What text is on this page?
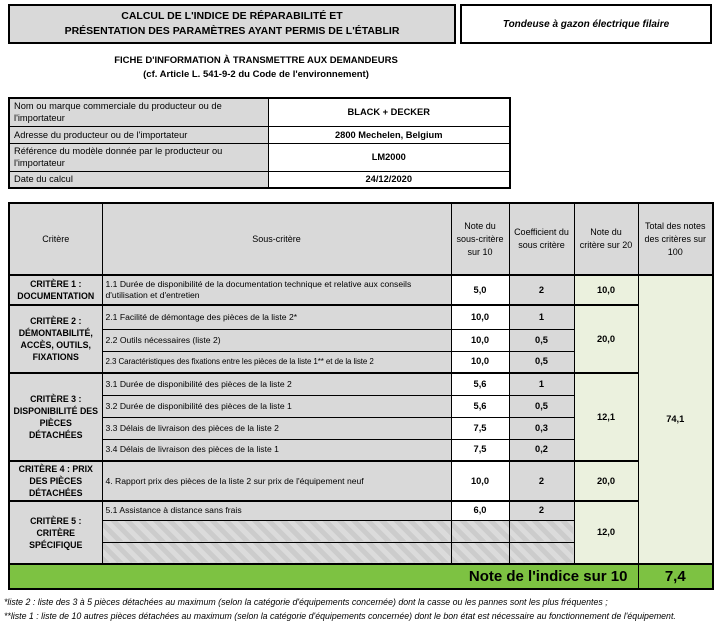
CALCUL DE L'INDICE DE RÉPARABILITÉ ET
PRÉSENTATION DES PARAMÈTRES AYANT PERMIS DE L'ÉTABLIR
Tondeuse à gazon électrique filaire
FICHE D'INFORMATION À TRANSMETTRE AUX DEMANDEURS
(cf. Article L. 541-9-2 du Code de l'environnement)
Nom ou marque commerciale du producteur ou de l'importateur	BLACK + DECKER
Adresse du producteur ou de l'importateur	2800 Mechelen, Belgium
Référence du modèle donnée par le producteur ou l'importateur	LM2000
Date du calcul	24/12/2020
Critère	Sous-critère	Note du sous-critère sur 10	Coefficient du sous critère	Note du critère sur 20	Total des notes des critères sur 100
CRITÈRE 1 : DOCUMENTATION	1.1 Durée de disponibilité de la documentation technique et relative aux conseils d'utilisation et d'entretien	5,0	2	10,0	74,1
CRITÈRE 2 : DÉMONTABILITÉ, ACCÈS, OUTILS, FIXATIONS	2.1 Facilité de démontage des pièces de la liste 2*	10,0	1	20,0	
	2.2 Outils nécessaires (liste 2)	10,0	0,5		
	2.3 Caractéristiques des fixations entre les pièces de la liste 1** et de la liste 2	10,0	0,5		
CRITÈRE 3 : DISPONIBILITÉ DES PIÈCES DÉTACHÉES	3.1 Durée de disponibilité des pièces de la liste 2	5,6	1	12,1	
	3.2 Durée de disponibilité des pièces de la liste 1	5,6	0,5		
	3.3 Délais de livraison des pièces de la liste 2	7,5	0,3		
	3.4 Délais de livraison des pièces de la liste 1	7,5	0,2		
CRITÈRE 4 : PRIX DES PIÈCES DÉTACHÉES	4. Rapport prix des pièces de la liste 2 sur prix de l'équipement neuf	10,0	2	20,0	
CRITÈRE 5 : CRITÈRE SPÉCIFIQUE	5.1 Assistance à distance sans frais	6,0	2	12,0	

Note de l'indice sur 10					7,4

*liste 2 : liste des 3 à 5 pièces détachées au maximum (selon la catégorie d'équipements concernée) dont la casse ou les pannes sont les plus fréquentes ;

**liste 1 : liste de 10 autres pièces détachées au maximum (selon la catégorie d'équipements concernée) dont le bon état est nécessaire au fonctionnement de l'équipement.
